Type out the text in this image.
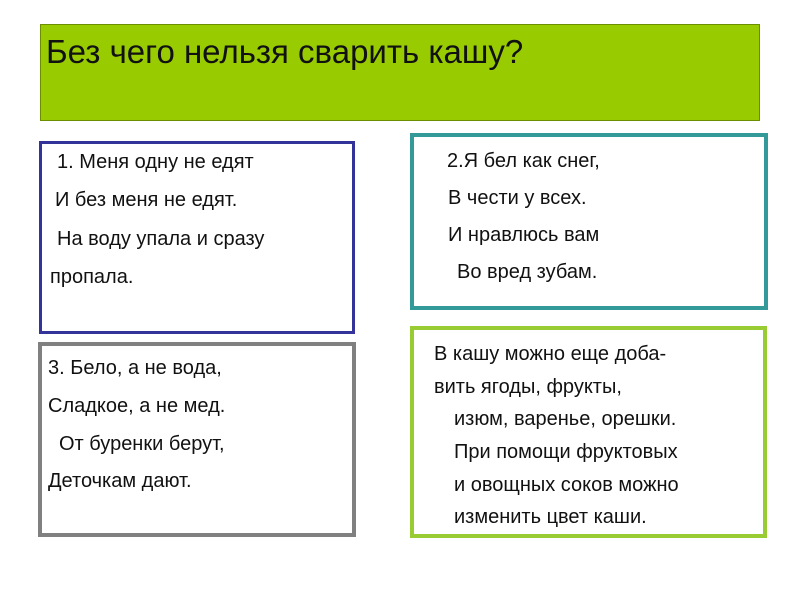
Без чего нельзя сварить кашу?
1. Меня одну не едят
И без меня не едят.
На воду упала и сразу
пропала.
2.Я бел как снег,
В чести у всех.
И нравлюсь вам
Во вред зубам.
3. Бело, а не вода,
Сладкое, а не мед.
От буренки берут,
Деточкам дают.
В кашу можно еще доба-
вить ягоды, фрукты,
изюм, варенье, орешки.
При помощи фруктовых
и овощных соков можно
изменить цвет каши.
